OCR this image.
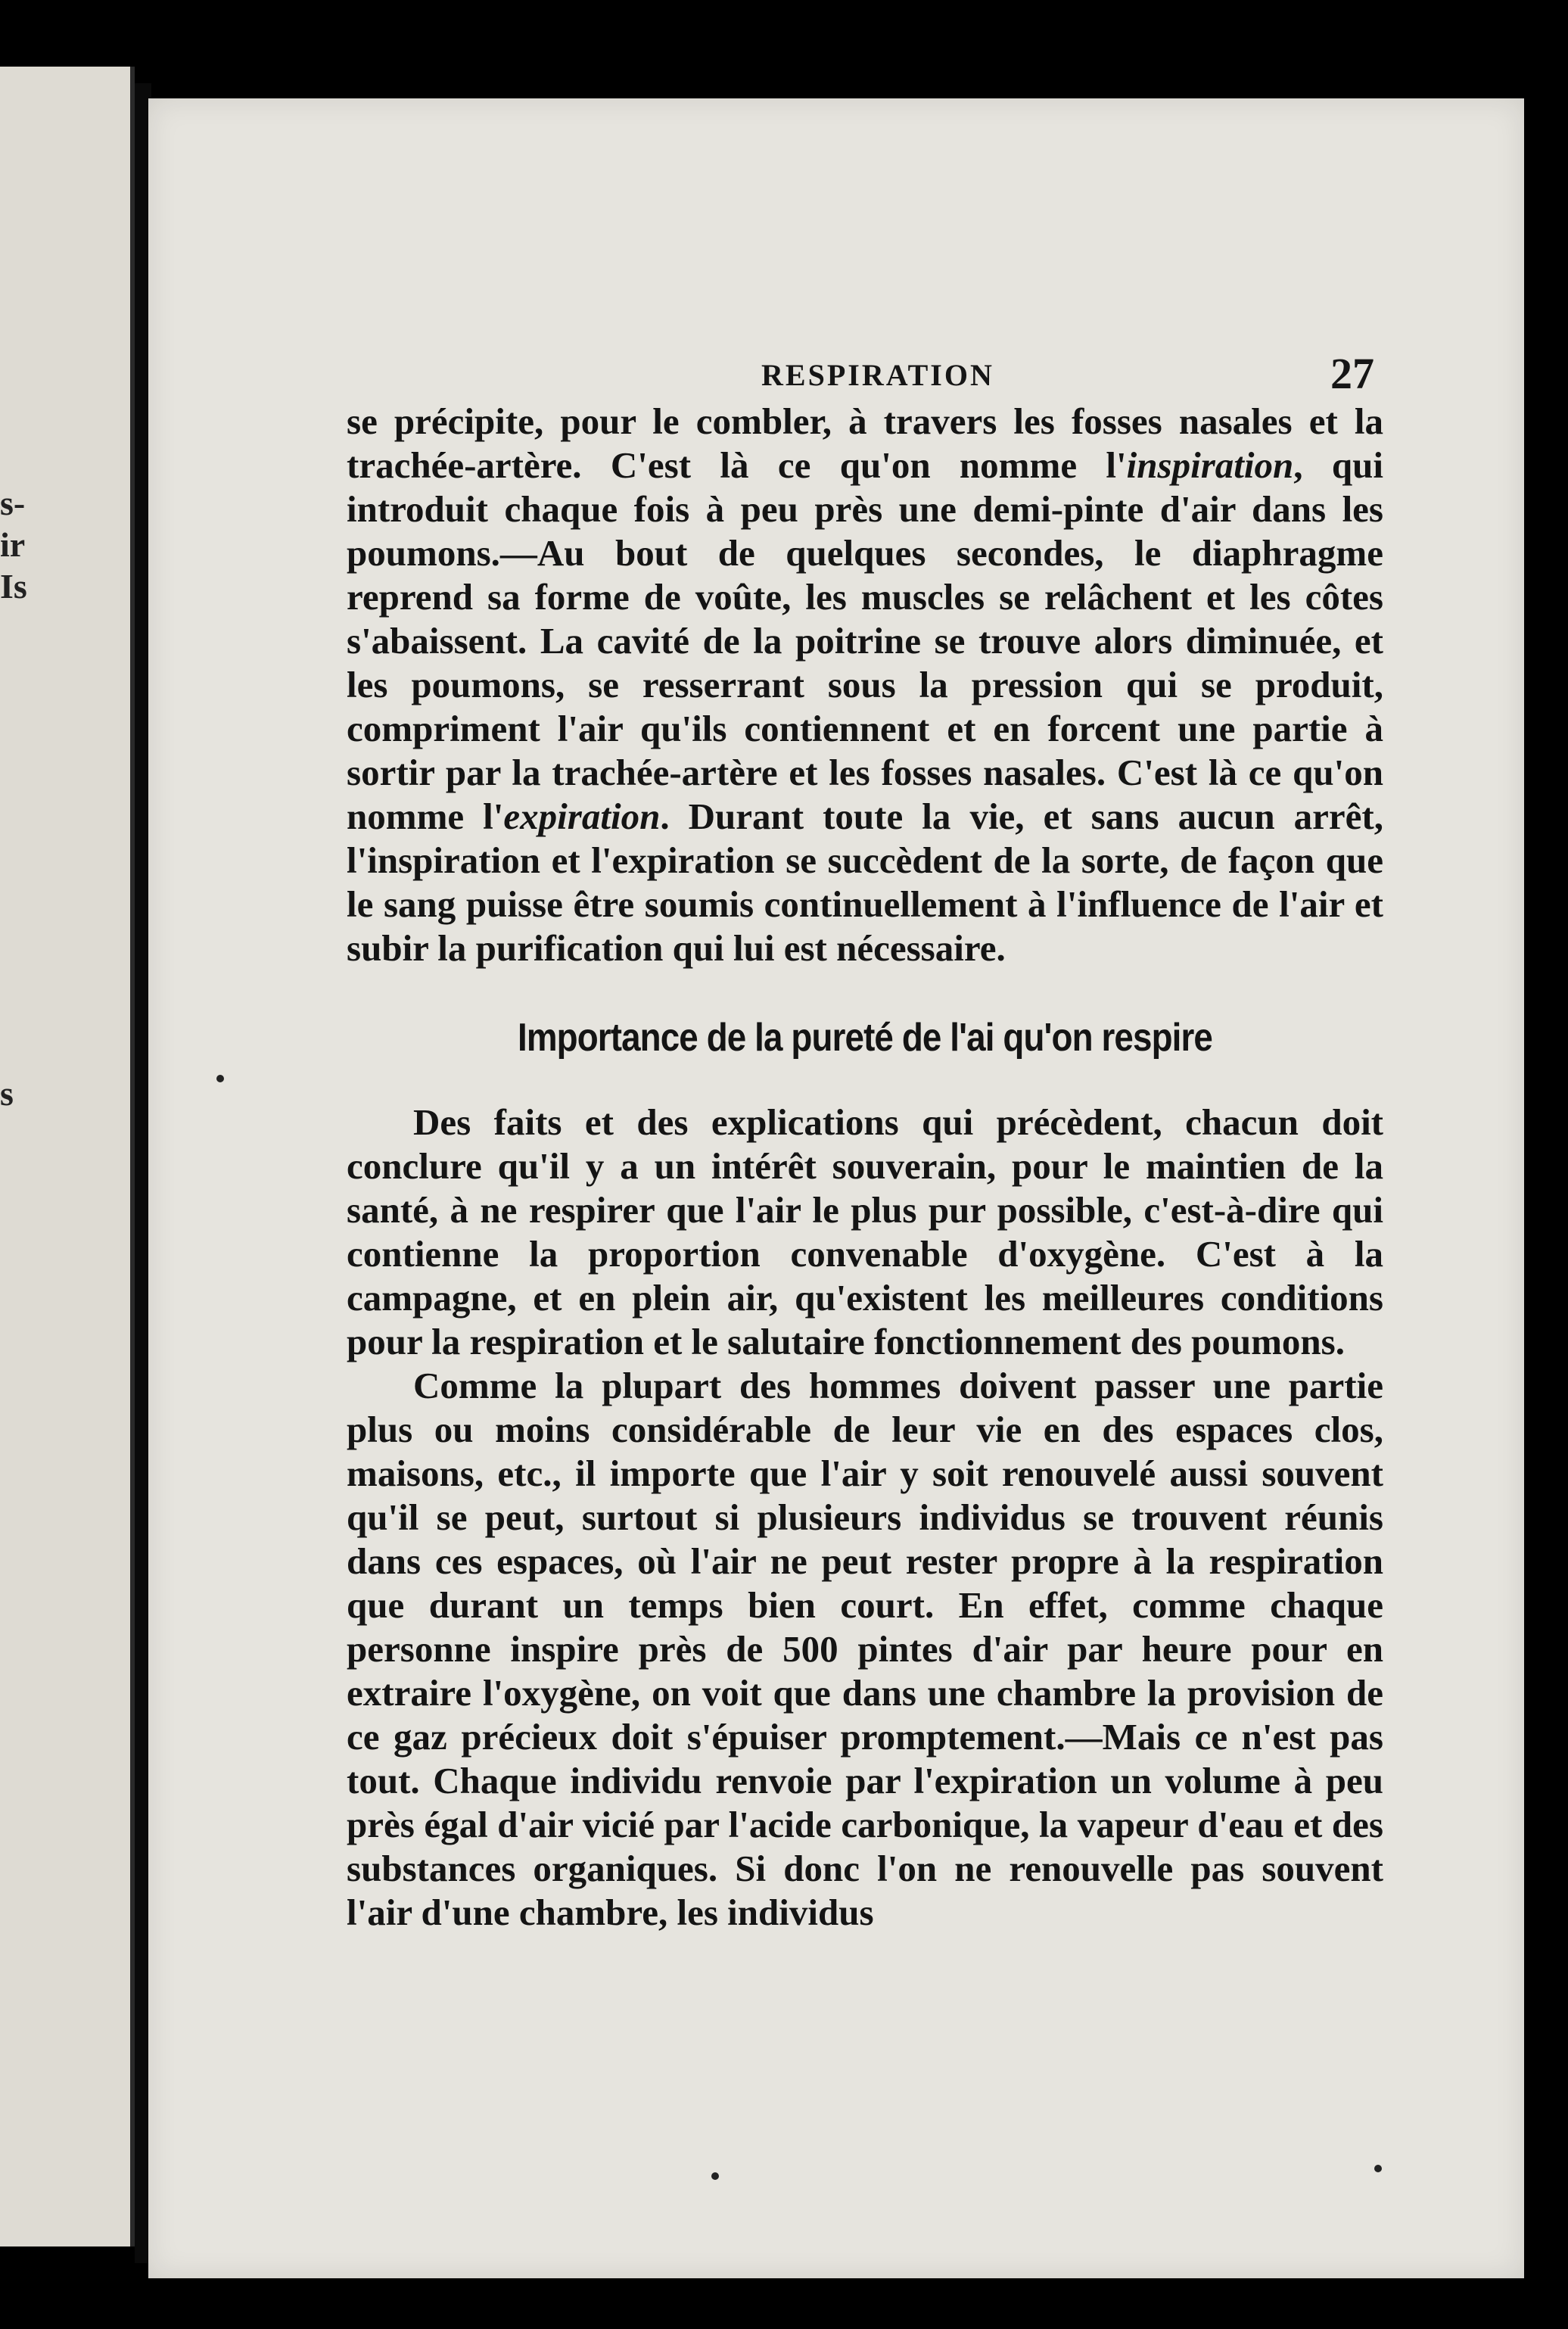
s-
ir
Is
s
RESPIRATION	27

se précipite, pour le combler, à travers les fosses nasales et la trachée-artère. C'est là ce qu'on nomme l'inspiration, qui introduit chaque fois à peu près une demi-pinte d'air dans les poumons.—Au bout de quelques secondes, le diaphragme reprend sa forme de voûte, les muscles se relâchent et les côtes s'abaissent. La cavité de la poitrine se trouve alors diminuée, et les poumons, se resserrant sous la pression qui se produit, compriment l'air qu'ils contiennent et en forcent une partie à sortir par la trachée-artère et les fosses nasales. C'est là ce qu'on nomme l'expiration. Durant toute la vie, et sans aucun arrêt, l'inspiration et l'expiration se succèdent de la sorte, de façon que le sang puisse être soumis continuellement à l'influence de l'air et subir la purification qui lui est nécessaire.

Importance de la pureté de l'ai qu'on respire

Des faits et des explications qui précèdent, chacun doit conclure qu'il y a un intérêt souverain, pour le maintien de la santé, à ne respirer que l'air le plus pur possible, c'est-à-dire qui contienne la proportion convenable d'oxygène. C'est à la campagne, et en plein air, qu'existent les meilleures conditions pour la respiration et le salutaire fonctionnement des poumons.

Comme la plupart des hommes doivent passer une partie plus ou moins considérable de leur vie en des espaces clos, maisons, etc., il importe que l'air y soit renouvelé aussi souvent qu'il se peut, surtout si plusieurs individus se trouvent réunis dans ces espaces, où l'air ne peut rester propre à la respiration que durant un temps bien court. En effet, comme chaque personne inspire près de 500 pintes d'air par heure pour en extraire l'oxygène, on voit que dans une chambre la provision de ce gaz précieux doit s'épuiser promptement.—Mais ce n'est pas tout. Chaque individu renvoie par l'expiration un volume à peu près égal d'air vicié par l'acide carbonique, la vapeur d'eau et des substances organiques. Si donc l'on ne renouvelle pas souvent l'air d'une chambre, les individus
